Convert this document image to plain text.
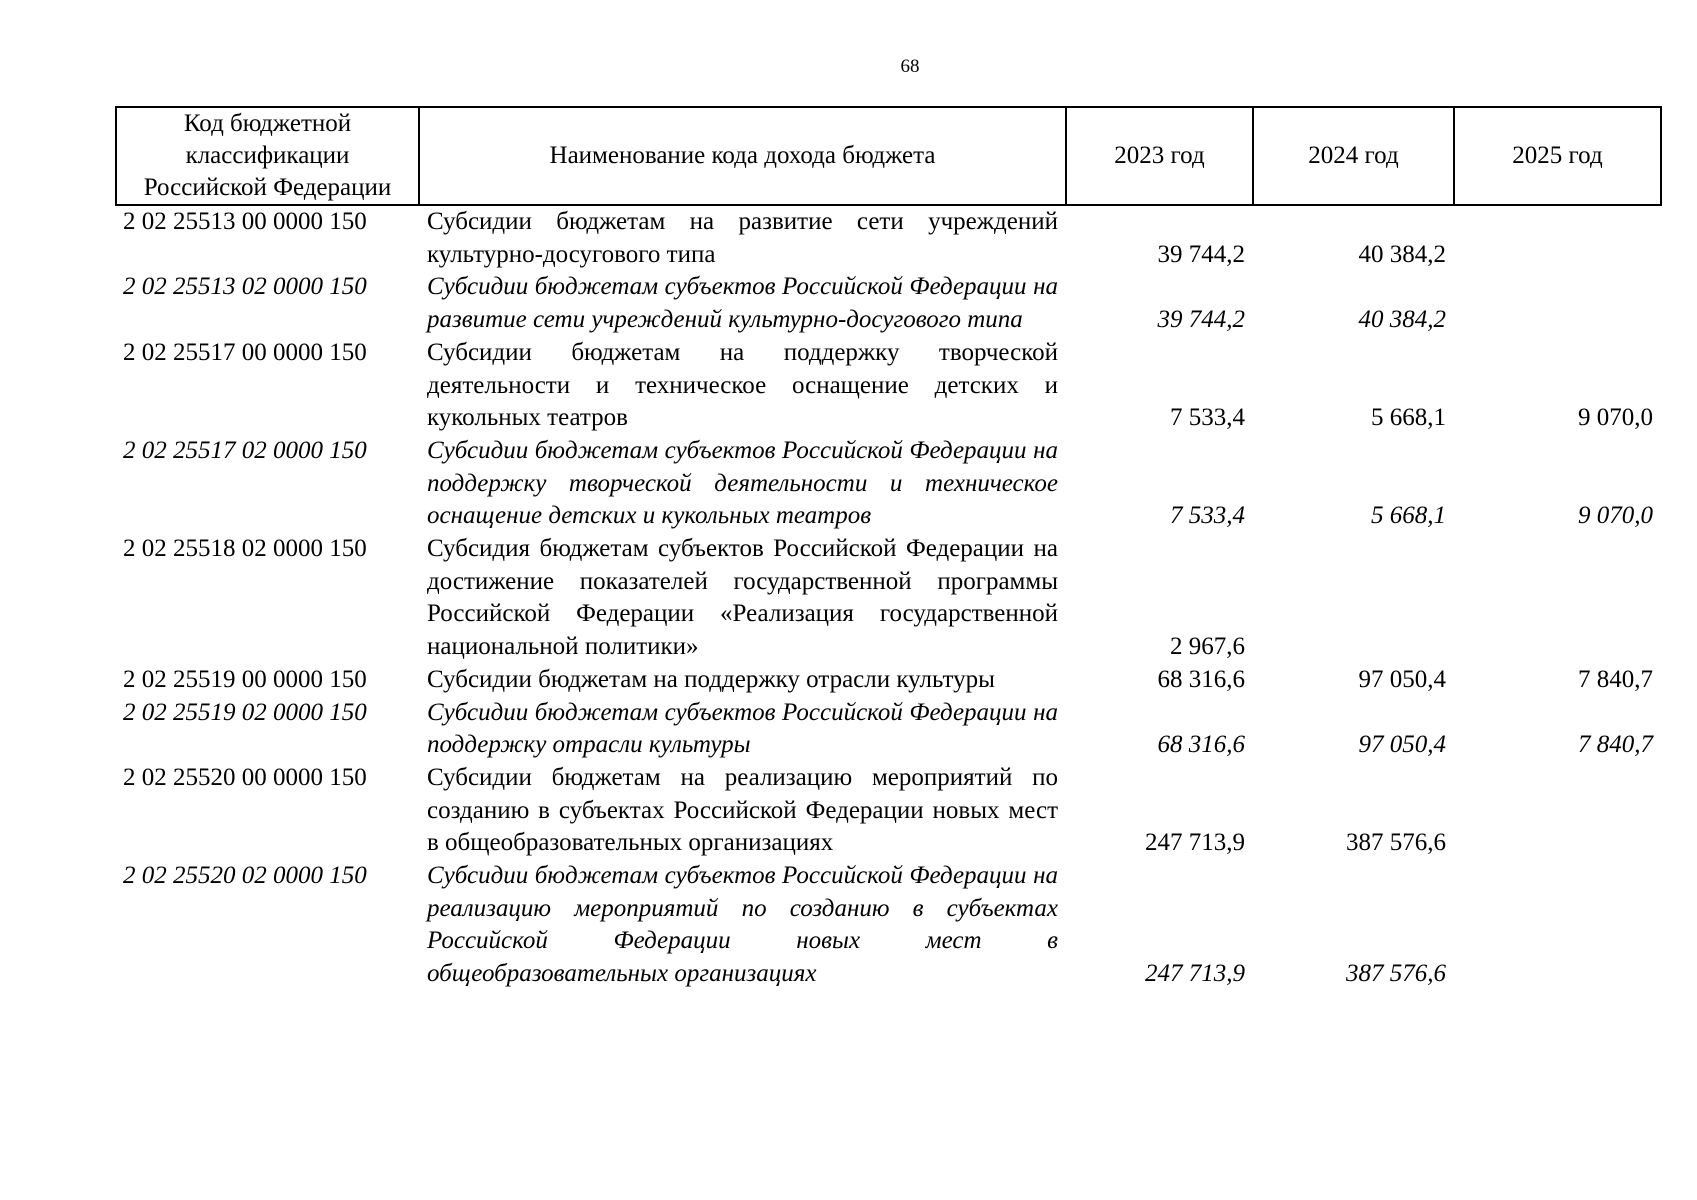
68
Код бюджетной классификации Российской Федерации	Наименование кода дохода бюджета	2023 год	2024 год	2025 год
2 02 25513 00 0000 150	Субсидии бюджетам на развитие сети учреждений культурно-досугового типа	39 744,2	40 384,2	
2 02 25513 02 0000 150	Субсидии бюджетам субъектов Российской Федерации на развитие сети учреждений культурно-досугового типа	39 744,2	40 384,2	
2 02 25517 00 0000 150	Субсидии бюджетам на поддержку творческой деятельности и техническое оснащение детских и кукольных театров	7 533,4	5 668,1	9 070,0
2 02 25517 02 0000 150	Субсидии бюджетам субъектов Российской Федерации на поддержку творческой деятельности и техническое оснащение детских и кукольных театров	7 533,4	5 668,1	9 070,0
2 02 25518 02 0000 150	Субсидия бюджетам субъектов Российской Федерации на достижение показателей государственной программы Российской Федерации «Реализация государственной национальной политики»	2 967,6		
2 02 25519 00 0000 150	Субсидии бюджетам на поддержку отрасли культуры	68 316,6	97 050,4	7 840,7
2 02 25519 02 0000 150	Субсидии бюджетам субъектов Российской Федерации на поддержку отрасли культуры	68 316,6	97 050,4	7 840,7
2 02 25520 00 0000 150	Субсидии бюджетам на реализацию мероприятий по созданию в субъектах Российской Федерации новых мест в общеобразовательных организациях	247 713,9	387 576,6	
2 02 25520 02 0000 150	Субсидии бюджетам субъектов Российской Федерации на реализацию мероприятий по созданию в субъектах Российской Федерации новых мест в общеобразовательных организациях	247 713,9	387 576,6	
